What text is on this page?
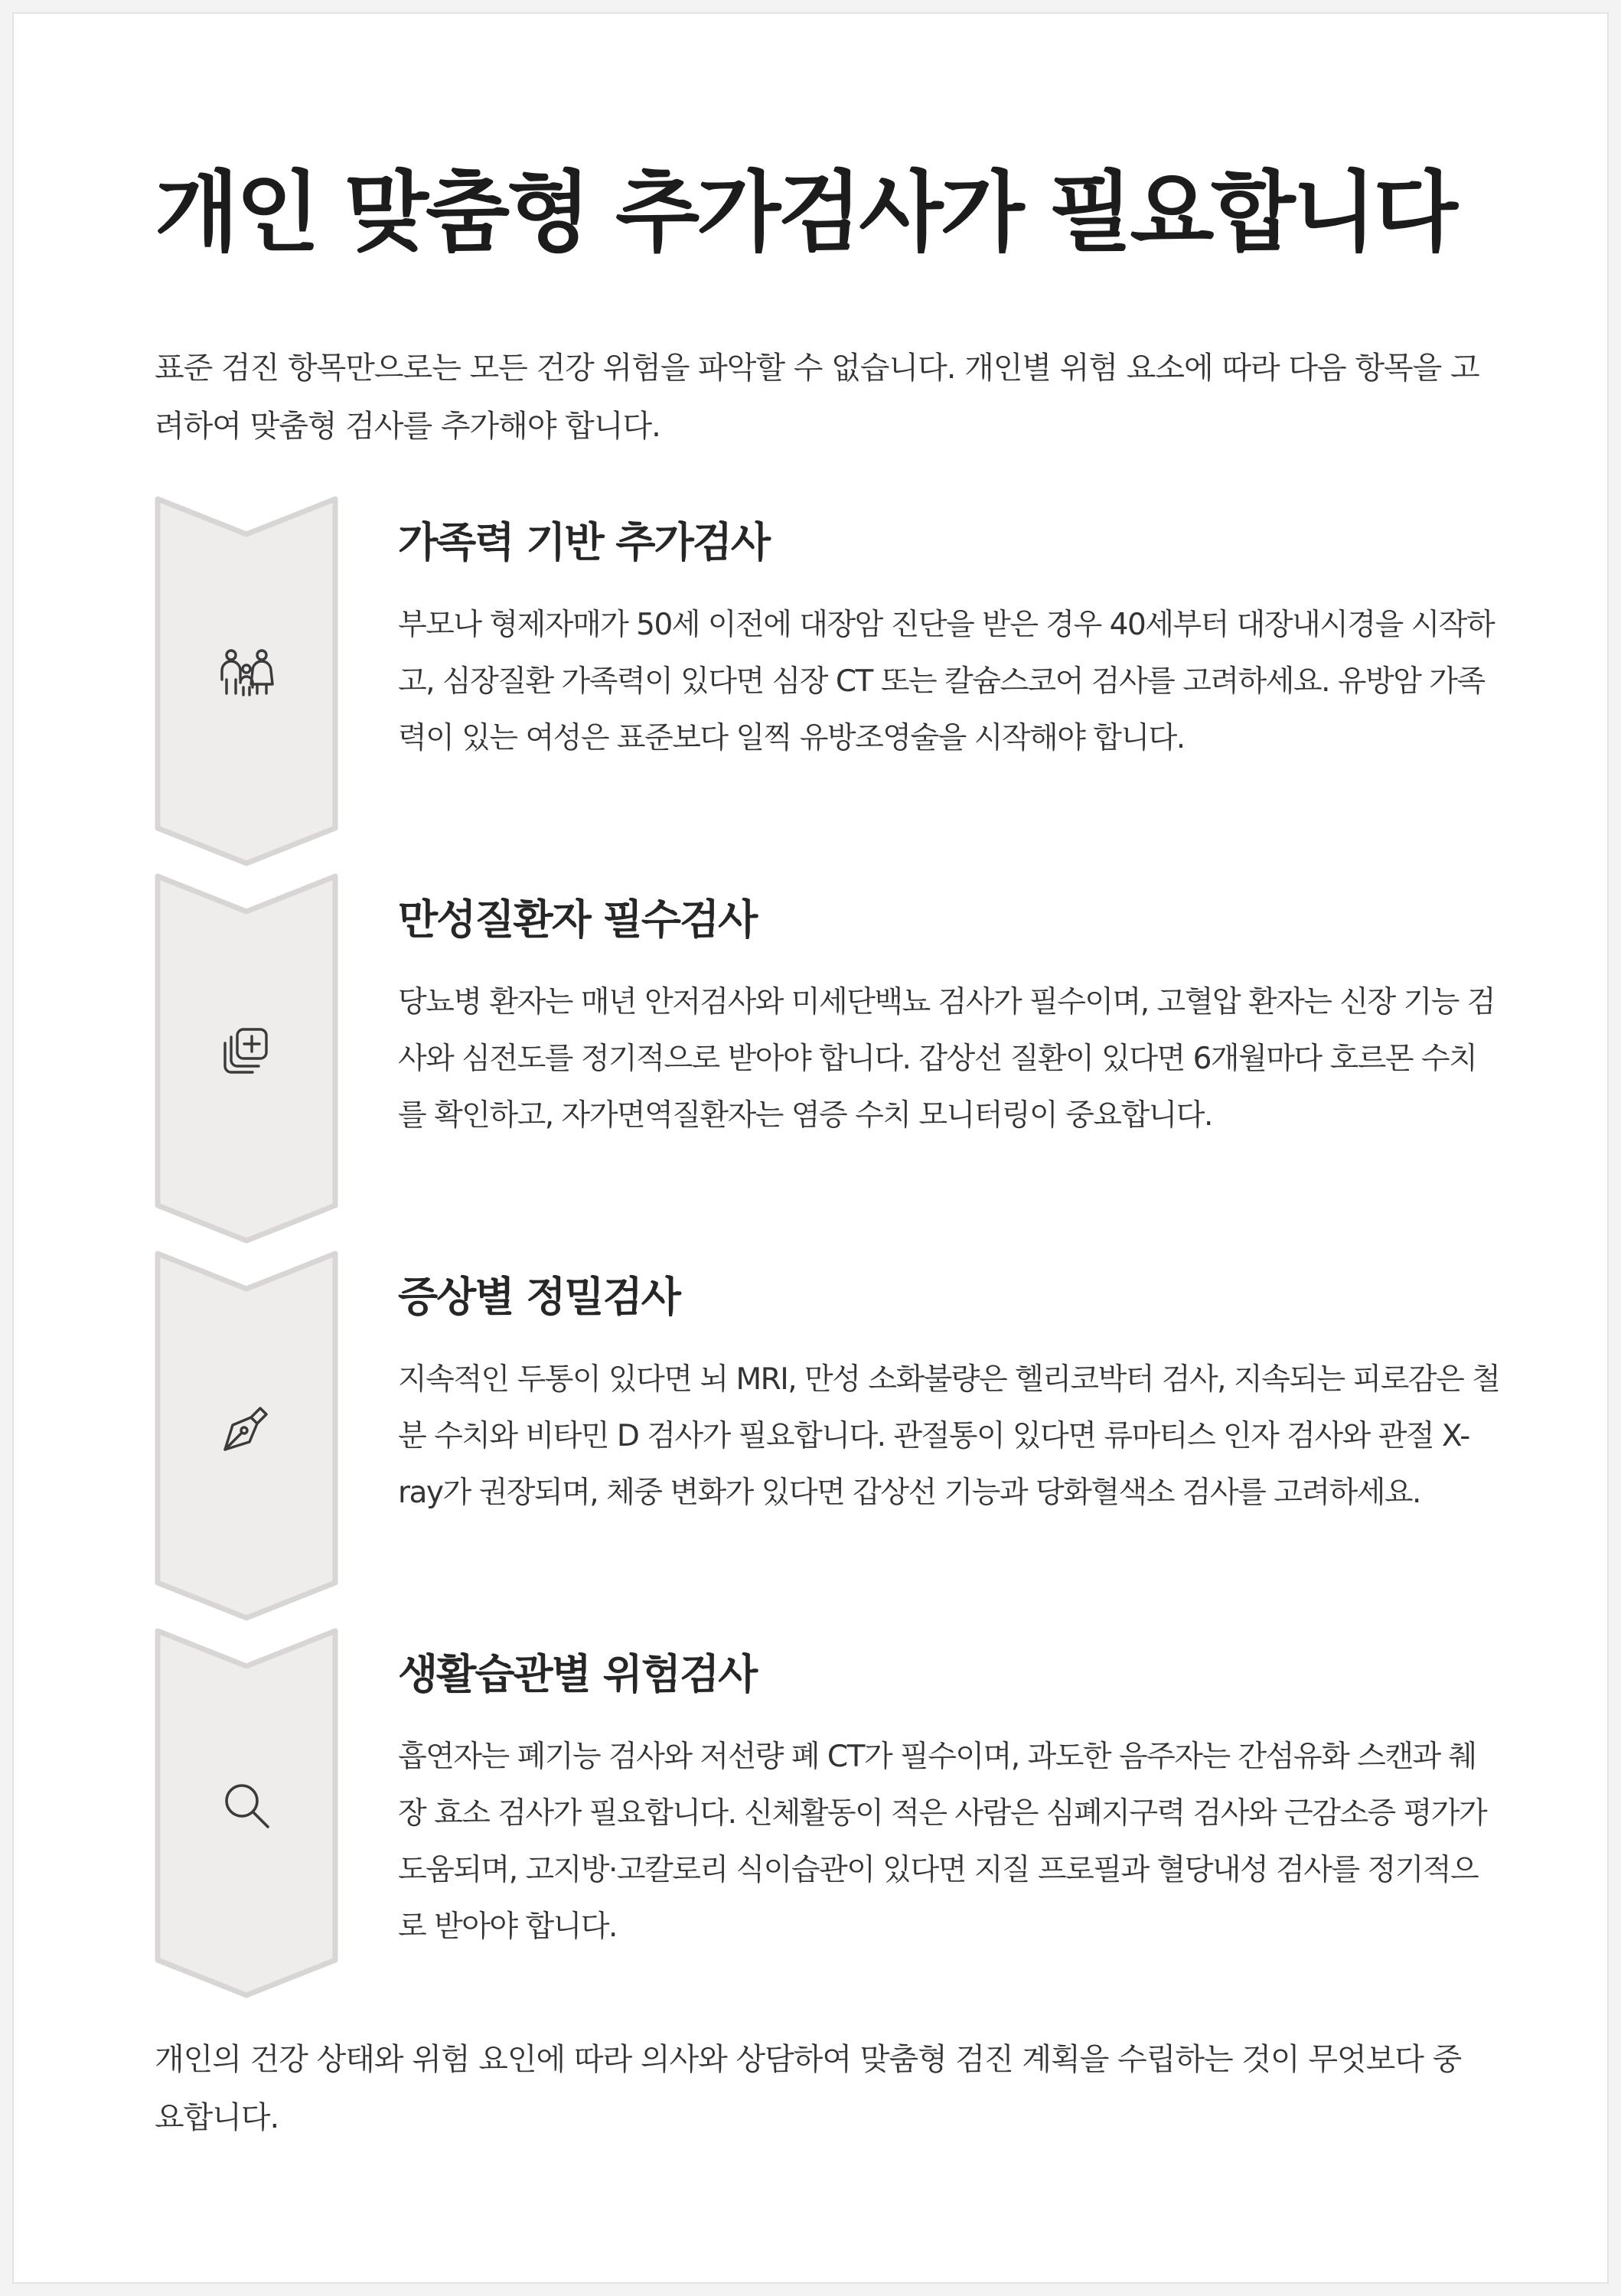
개인 맞춤형 추가검사가 필요합니다

표준 검진 항목만으로는 모든 건강 위험을 파악할 수 없습니다. 개인별 위험 요소에 따라 다음 항목을 고려하여 맞춤형 검사를 추가해야 합니다.

가족력 기반 추가검사

부모나 형제자매가 50세 이전에 대장암 진단을 받은 경우 40세부터 대장내시경을 시작하고, 심장질환 가족력이 있다면 심장 CT 또는 칼슘스코어 검사를 고려하세요. 유방암 가족력이 있는 여성은 표준보다 일찍 유방조영술을 시작해야 합니다.

만성질환자 필수검사

당뇨병 환자는 매년 안저검사와 미세단백뇨 검사가 필수이며, 고혈압 환자는 신장 기능 검사와 심전도를 정기적으로 받아야 합니다. 갑상선 질환이 있다면 6개월마다 호르몬 수치를 확인하고, 자가면역질환자는 염증 수치 모니터링이 중요합니다.

증상별 정밀검사

지속적인 두통이 있다면 뇌 MRI, 만성 소화불량은 헬리코박터 검사, 지속되는 피로감은 철분 수치와 비타민 D 검사가 필요합니다. 관절통이 있다면 류마티스 인자 검사와 관절 X-ray가 권장되며, 체중 변화가 있다면 갑상선 기능과 당화혈색소 검사를 고려하세요.

생활습관별 위험검사

흡연자는 폐기능 검사와 저선량 폐 CT가 필수이며, 과도한 음주자는 간섬유화 스캔과 췌장 효소 검사가 필요합니다. 신체활동이 적은 사람은 심폐지구력 검사와 근감소증 평가가 도움되며, 고지방·고칼로리 식이습관이 있다면 지질 프로필과 혈당내성 검사를 정기적으로 받아야 합니다.

개인의 건강 상태와 위험 요인에 따라 의사와 상담하여 맞춤형 검진 계획을 수립하는 것이 무엇보다 중요합니다.
